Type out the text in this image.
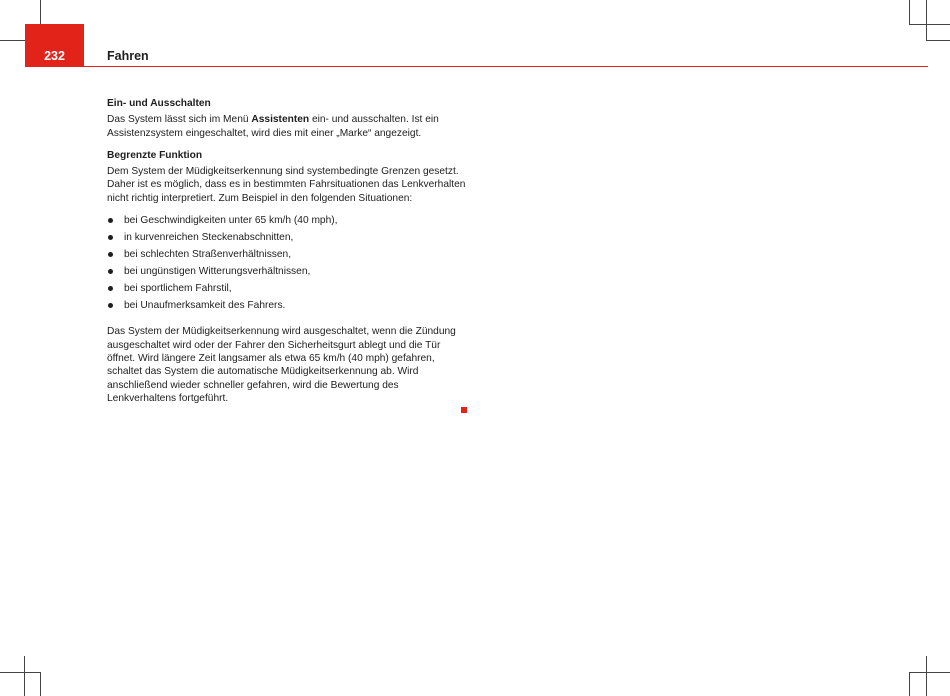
232	Fahren
Ein- und Ausschalten

Das System lässt sich im Menü Assistenten ein- und ausschalten. Ist ein Assistenzsystem eingeschaltet, wird dies mit einer „Marke“ angezeigt.

Begrenzte Funktion

Dem System der Müdigkeitserkennung sind systembedingte Grenzen gesetzt. Daher ist es möglich, dass es in bestimmten Fahrsituationen das Lenkverhalten nicht richtig interpretiert. Zum Beispiel in den folgenden Situationen:

bei Geschwindigkeiten unter 65 km/h (40 mph),
in kurvenreichen Steckenabschnitten,
bei schlechten Straßenverhältnissen,
bei ungünstigen Witterungsverhältnissen,
bei sportlichem Fahrstil,
bei Unaufmerksamkeit des Fahrers.

Das System der Müdigkeitserkennung wird ausgeschaltet, wenn die Zündung ausgeschaltet wird oder der Fahrer den Sicherheitsgurt ablegt und die Tür öffnet. Wird längere Zeit langsamer als etwa 65 km/h (40 mph) gefahren, schaltet das System die automatische Müdigkeitserkennung ab. Wird anschließend wieder schneller gefahren, wird die Bewertung des Lenkverhaltens fortgeführt.
